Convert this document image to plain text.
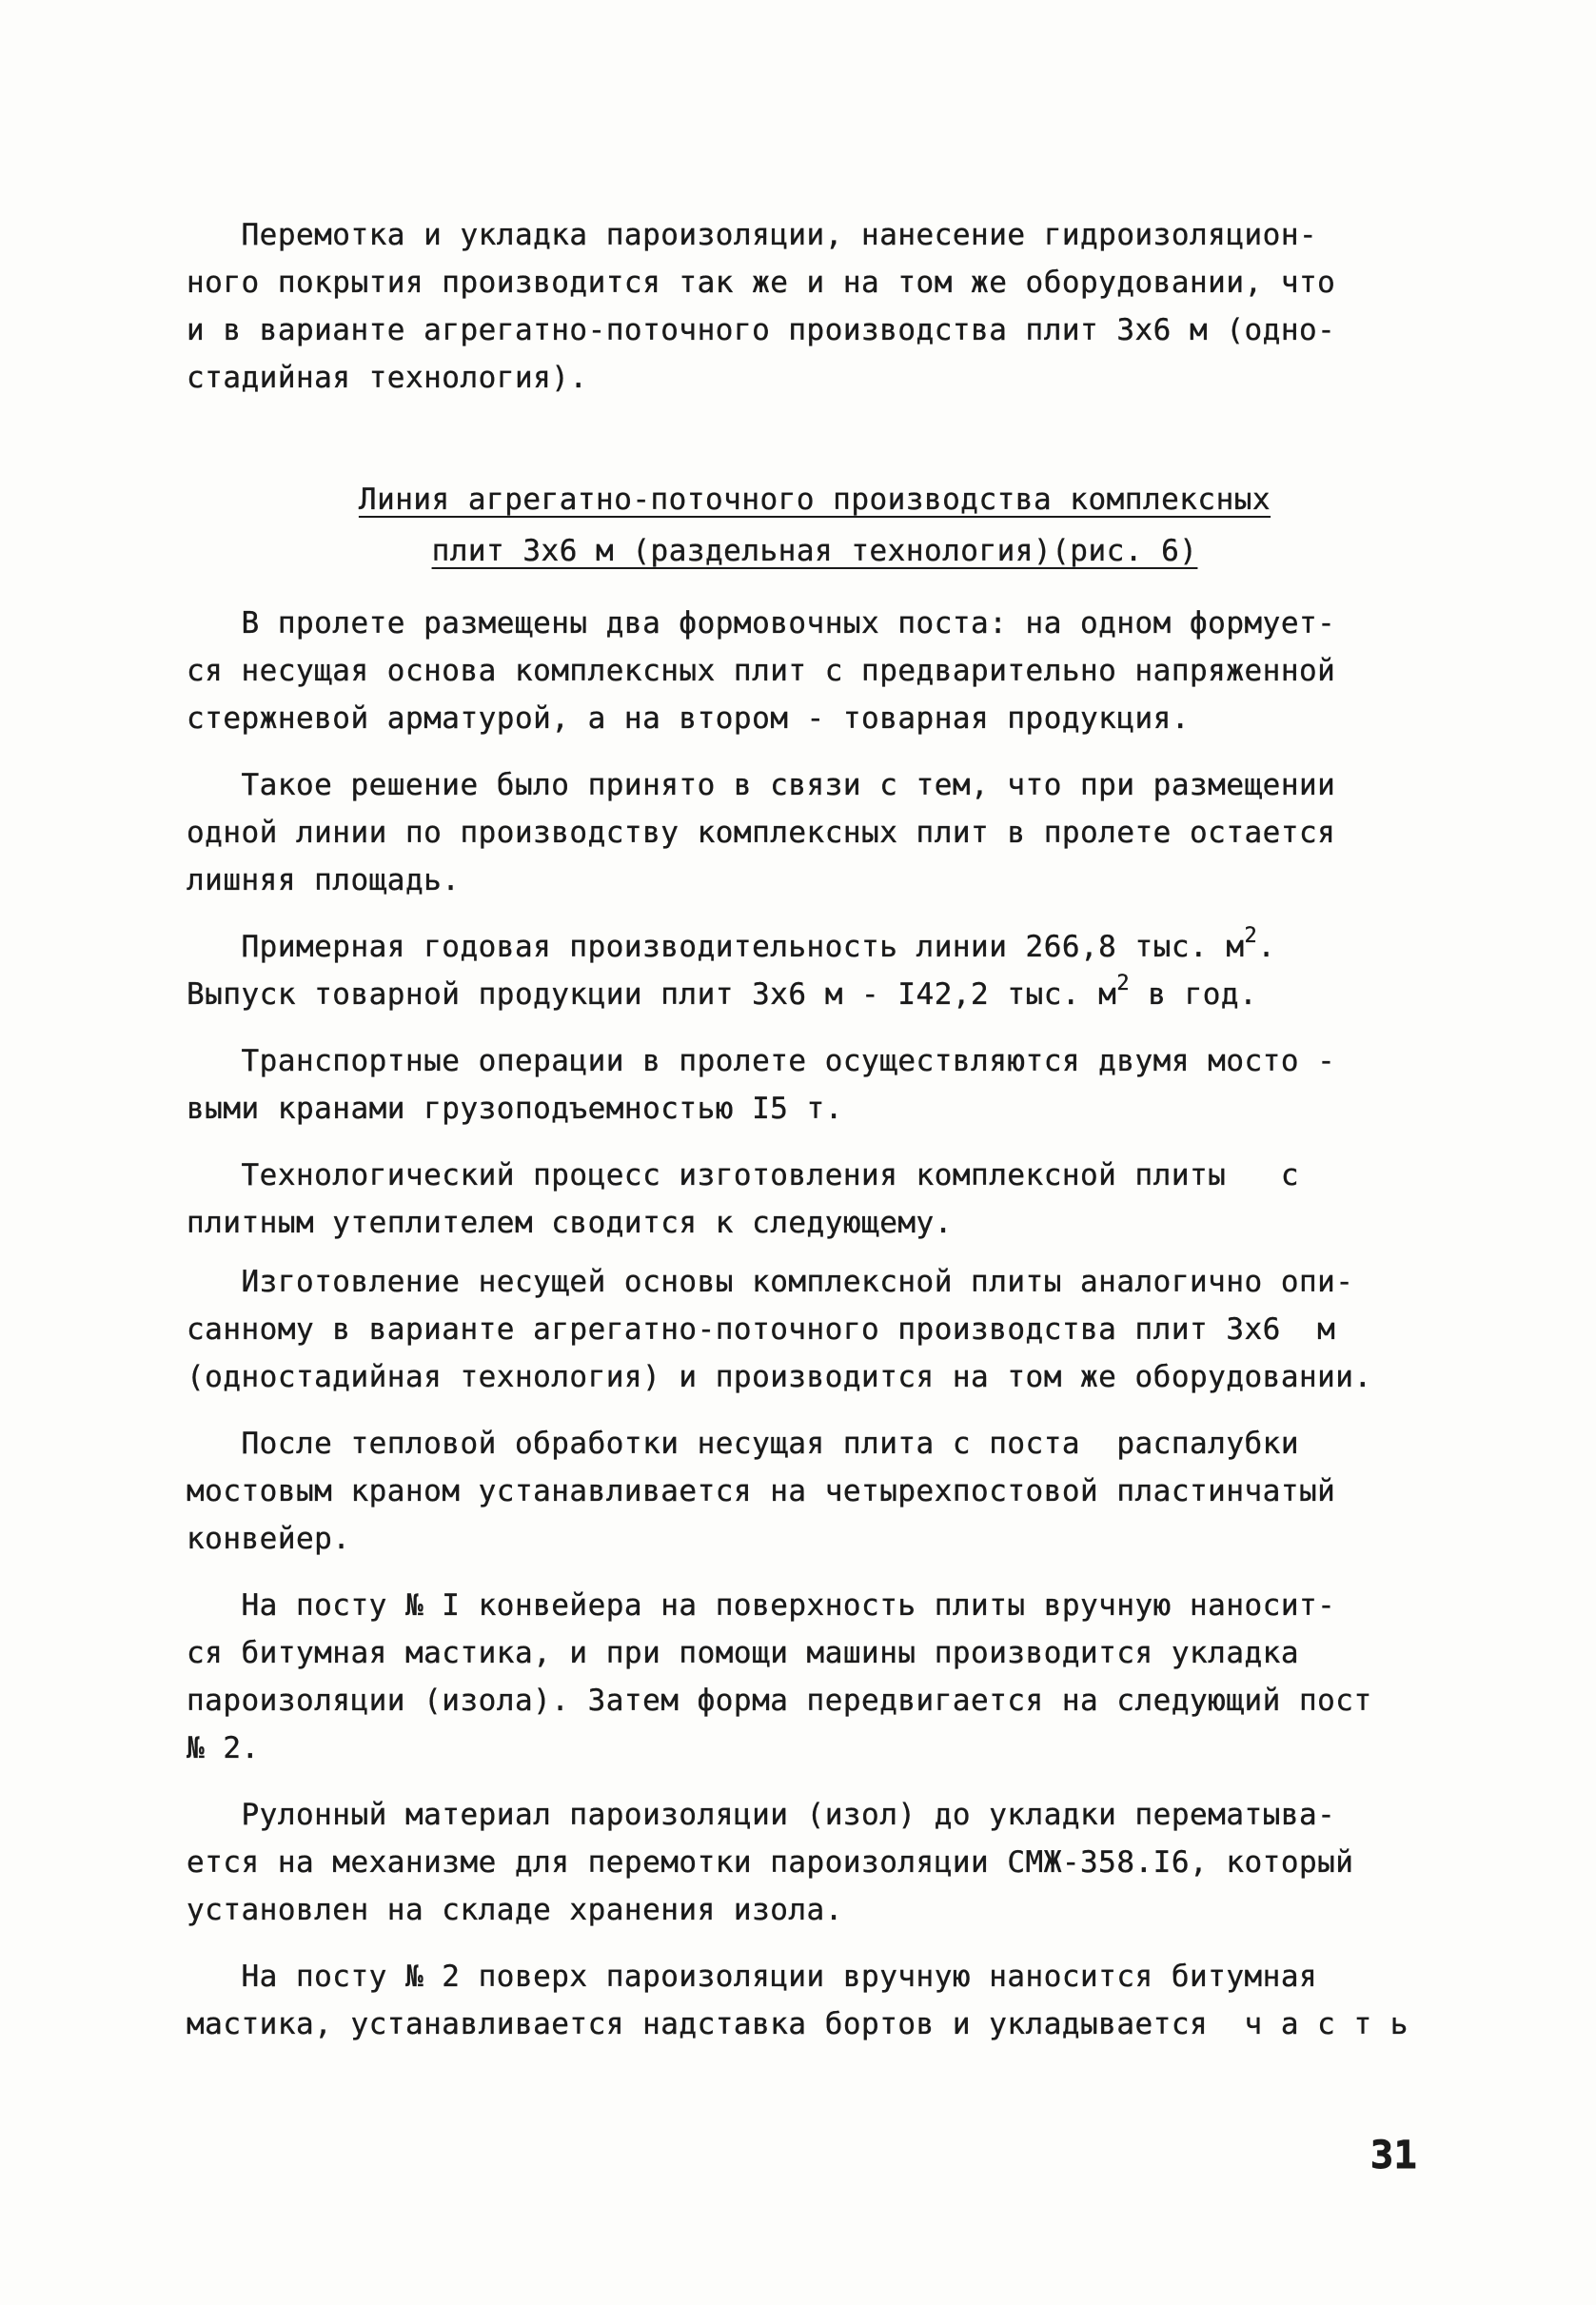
Перемотка и укладка пароизоляции, нанесение гидроизоляцион-
ного покрытия производится так же и на том же оборудовании, что
и в варианте агрегатно-поточного производства плит 3х6 м (одно-
стадийная технология).

Линия агрегатно-поточного производства комплексных
плит 3х6 м (раздельная технология)(рис. 6)

В пролете размещены два формовочных поста: на одном формует-
ся несущая основа комплексных плит с предварительно напряженной
стержневой арматурой, а на втором - товарная продукция.

Такое решение было принято в связи с тем, что при размещении
одной линии по производству комплексных плит в пролете остается
лишняя площадь.

Примерная годовая производительность линии 266,8 тыс. $м^2$.
Выпуск товарной продукции плит 3х6 м - I42,2 тыс. $м^2$ в год.

Транспортные операции в пролете осуществляются двумя мосто -
выми кранами грузоподъемностью I5 т.

Технологический процесс изготовления комплексной плиты   с
плитным утеплителем сводится к следующему.

Изготовление несущей основы комплексной плиты аналогично опи-
санному в варианте агрегатно-поточного производства плит 3х6  м
(одностадийная технология) и производится на том же оборудовании.

После тепловой обработки несущая плита с поста  распалубки
мостовым краном устанавливается на четырехпостовой пластинчатый
конвейер.

На посту № I конвейера на поверхность плиты вручную наносит-
ся битумная мастика, и при помощи машины производится укладка
пароизоляции (изола). Затем форма передвигается на следующий пост
№ 2.

Рулонный материал пароизоляции (изол) до укладки перематыва-
ется на механизме для перемотки пароизоляции СМЖ-358.I6, который
установлен на складе хранения изола.

На посту № 2 поверх пароизоляции вручную наносится битумная
мастика, устанавливается надставка бортов и укладывается  ч а с т ь

31
